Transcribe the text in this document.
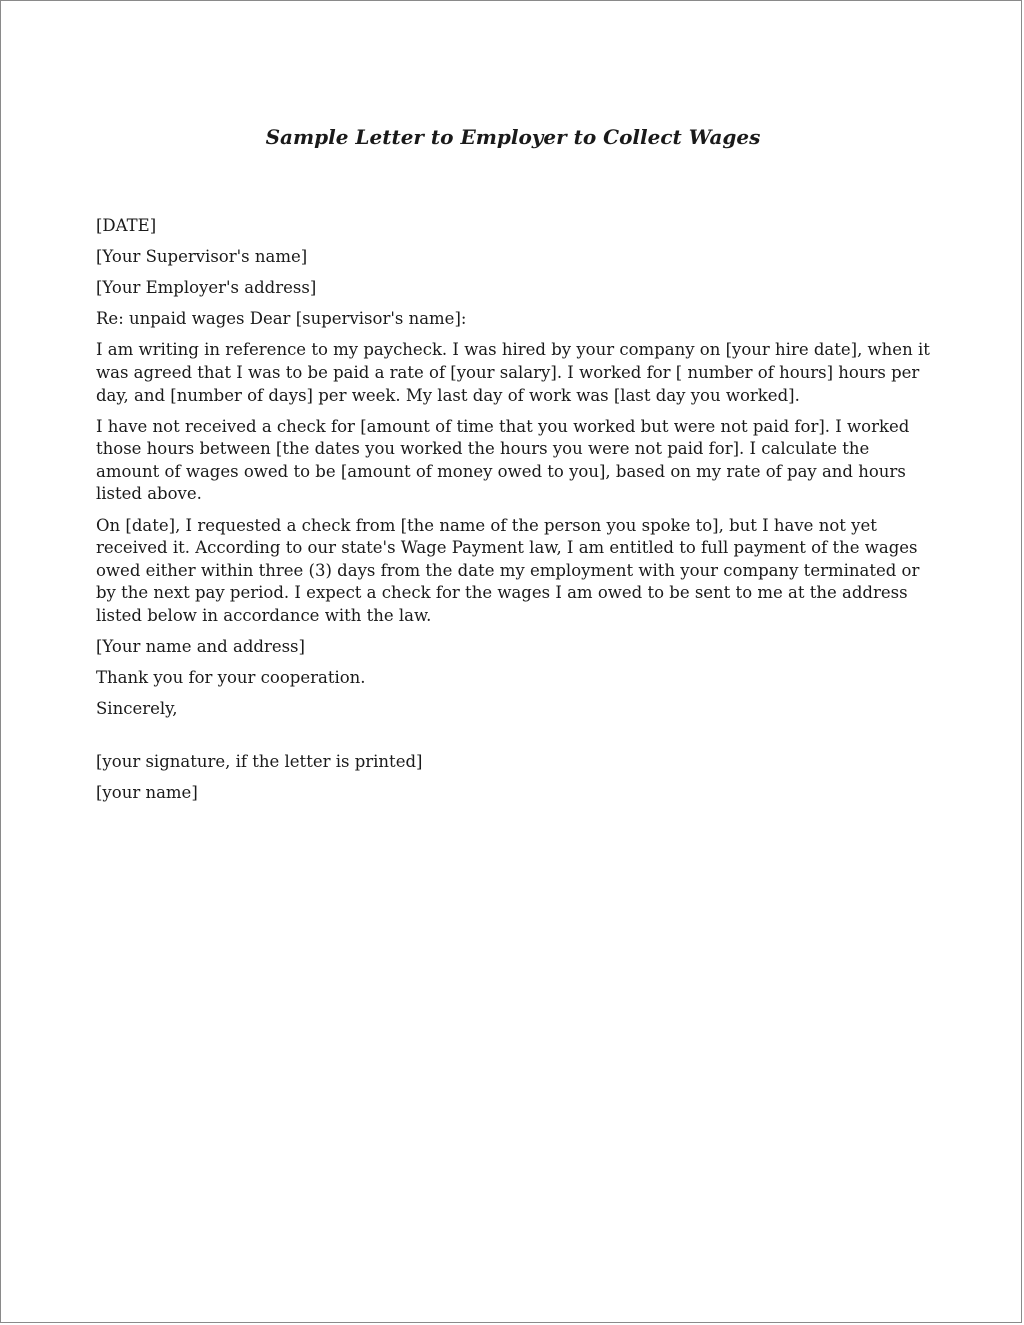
Sample Letter to Employer to Collect Wages

[DATE]

[Your Supervisor's name]

[Your Employer's address]

Re: unpaid wages Dear [supervisor's name]:

I am writing in reference to my paycheck. I was hired by your company on [your hire date], when it was agreed that I was to be paid a rate of [your salary]. I worked for [ number of hours] hours per day, and [number of days] per week. My last day of work was [last day you worked].

I have not received a check for [amount of time that you worked but were not paid for]. I worked those hours between [the dates you worked the hours you were not paid for]. I calculate the amount of wages owed to be [amount of money owed to you], based on my rate of pay and hours listed above.

On [date], I requested a check from [the name of the person you spoke to], but I have not yet received it. According to our state's Wage Payment law, I am entitled to full payment of the wages owed either within three (3) days from the date my employment with your company terminated or by the next pay period. I expect a check for the wages I am owed to be sent to me at the address listed below in accordance with the law.

[Your name and address]

Thank you for your cooperation.

Sincerely,

[your signature, if the letter is printed]

[your name]
